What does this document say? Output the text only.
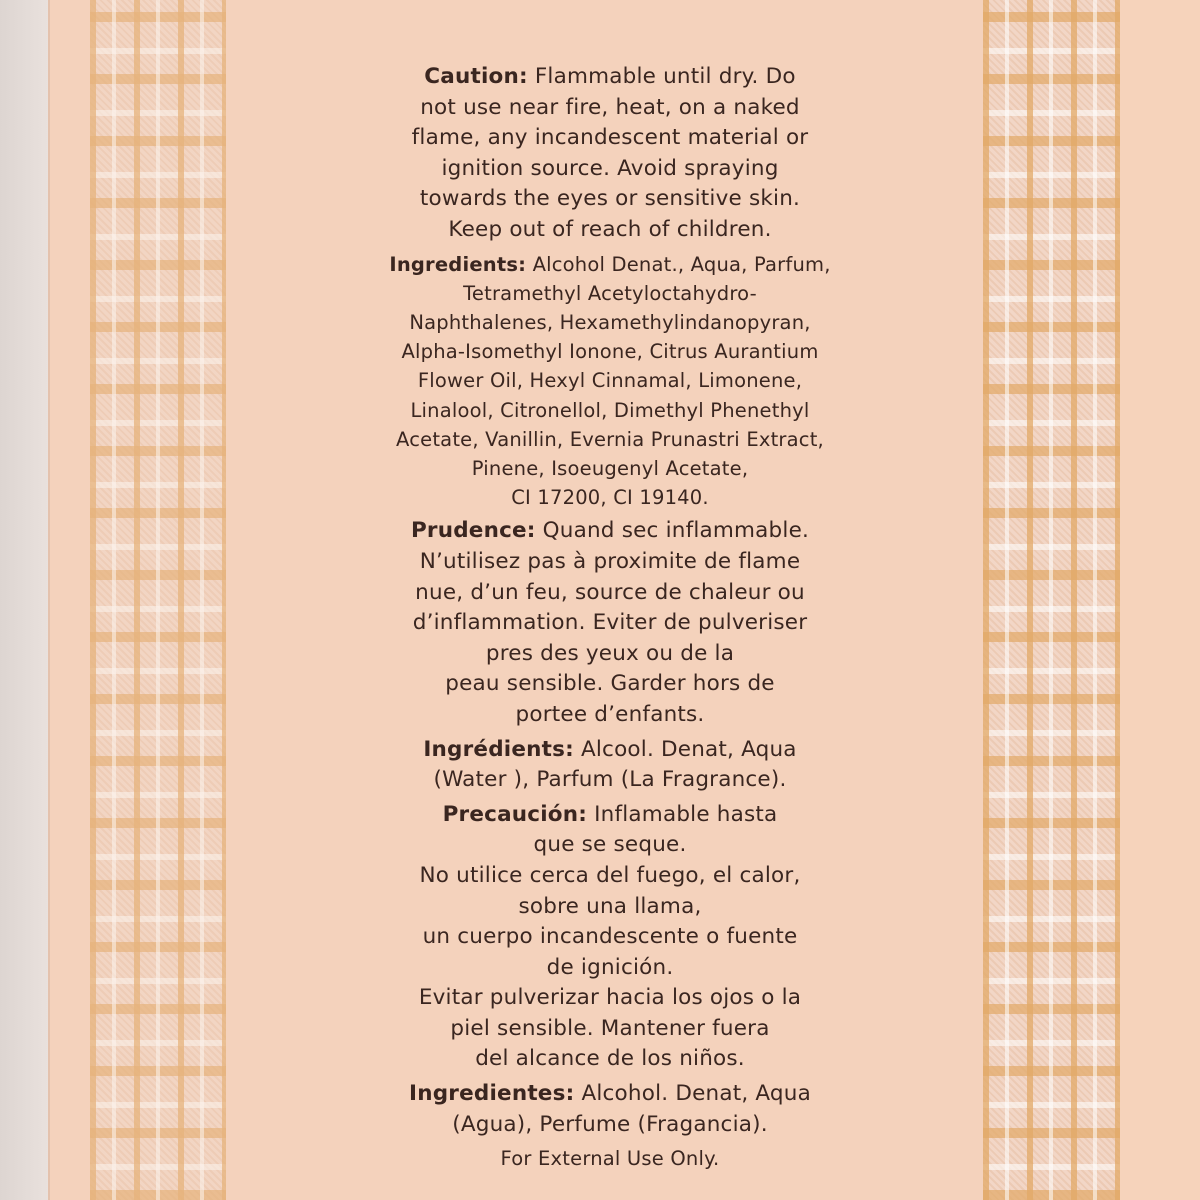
Caution: Flammable until dry. Do
not use near fire, heat, on a naked
flame, any incandescent material or
ignition source. Avoid spraying
towards the eyes or sensitive skin.
Keep out of reach of children.
Ingredients: Alcohol Denat., Aqua, Parfum,
Tetramethyl Acetyloctahydro-
Naphthalenes, Hexamethylindanopyran,
Alpha-Isomethyl Ionone, Citrus Aurantium
Flower Oil, Hexyl Cinnamal, Limonene,
Linalool, Citronellol, Dimethyl Phenethyl
Acetate, Vanillin, Evernia Prunastri Extract,
Pinene, Isoeugenyl Acetate,
CI 17200, CI 19140.
Prudence: Quand sec inflammable.
N’utilisez pas à proximite de flame
nue, d’un feu, source de chaleur ou
d’inflammation. Eviter de pulveriser
pres des yeux ou de la
peau sensible. Garder hors de
portee d’enfants.
Ingrédients: Alcool. Denat, Aqua
(Water ), Parfum (La Fragrance).
Precaución: Inflamable hasta
que se seque.
No utilice cerca del fuego, el calor,
sobre una llama,
un cuerpo incandescente o fuente
de ignición.
Evitar pulverizar hacia los ojos o la
piel sensible. Mantener fuera
del alcance de los niños.
Ingredientes: Alcohol. Denat, Aqua
(Agua), Perfume (Fragancia).
For External Use Only.
